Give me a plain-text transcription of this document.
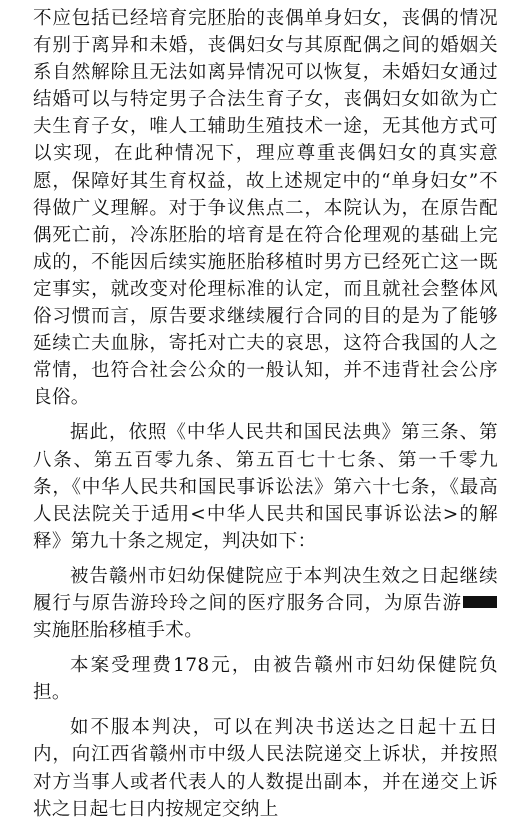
不应包括已经培育完胚胎的丧偶单身妇女，丧偶的情况有别于离异和未婚，丧偶妇女与其原配偶之间的婚姻关系自然解除且无法如离异情况可以恢复，未婚妇女通过结婚可以与特定男子合法生育子女，丧偶妇女如欲为亡夫生育子女，唯人工辅助生殖技术一途，无其他方式可以实现，在此种情况下，理应尊重丧偶妇女的真实意愿，保障好其生育权益，故上述规定中的“单身妇女”不得做广义理解。对于争议焦点二，本院认为，在原告配偶死亡前，冷冻胚胎的培育是在符合伦理观的基础上完成的，不能因后续实施胚胎移植时男方已经死亡这一既定事实，就改变对伦理标准的认定，而且就社会整体风俗习惯而言，原告要求继续履行合同的目的是为了能够延续亡夫血脉，寄托对亡夫的哀思，这符合我国的人之常情，也符合社会公众的一般认知，并不违背社会公序良俗。

据此，依照《中华人民共和国民法典》第三条、第八条、第五百零九条、第五百七十七条、第一千零九条，《中华人民共和国民事诉讼法》第六十七条，《最高人民法院关于适用<中华人民共和国民事诉讼法>的解释》第九十条之规定，判决如下：

被告赣州市妇幼保健院应于本判决生效之日起继续履行与原告游玲玲之间的医疗服务合同，为原告游实施胚胎移植手术。

本案受理费178元，由被告赣州市妇幼保健院负担。

如不服本判决，可以在判决书送达之日起十五日内，向江西省赣州市中级人民法院递交上诉状，并按照对方当事人或者代表人的人数提出副本，并在递交上诉状之日起七日内按规定交纳上
